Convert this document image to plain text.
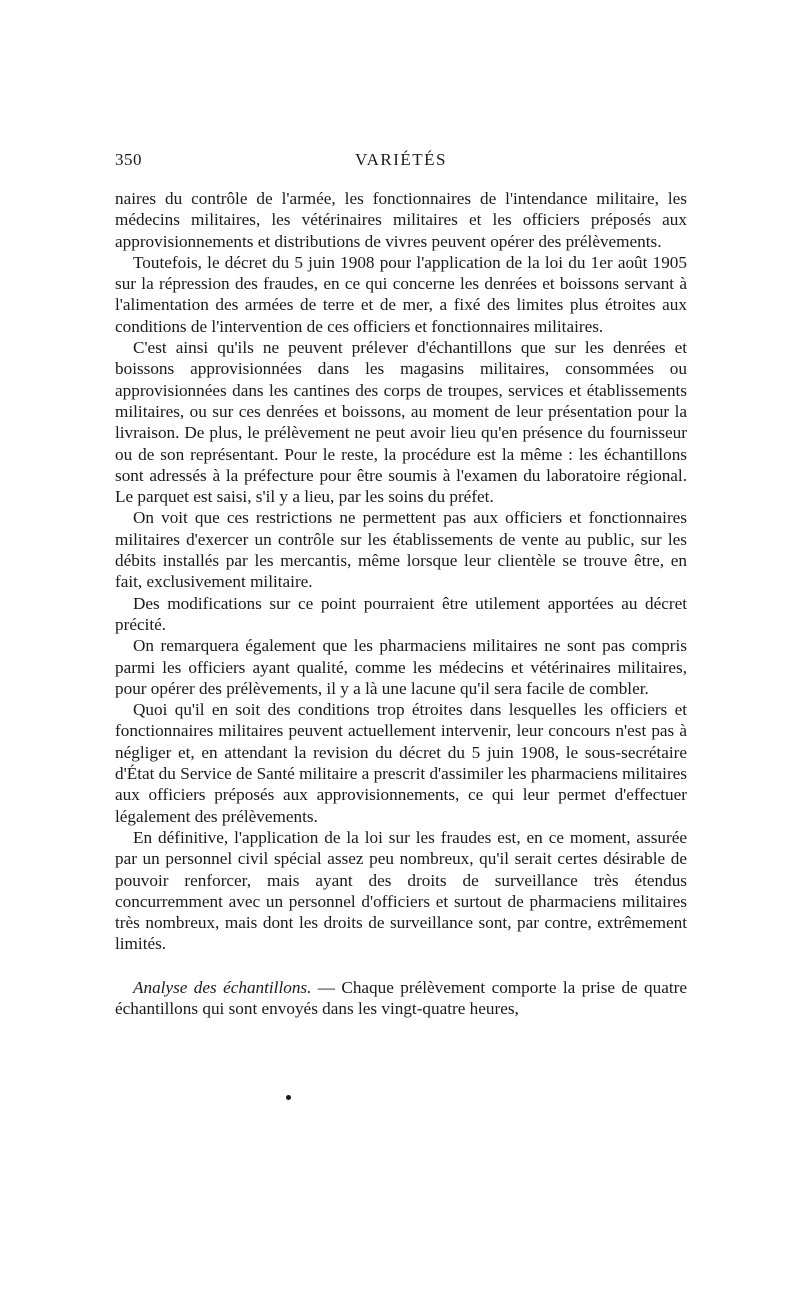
350	VARIÉTÉS

naires du contrôle de l'armée, les fonctionnaires de l'intendance militaire, les médecins militaires, les vétérinaires militaires et les officiers préposés aux approvisionnements et distributions de vivres peuvent opérer des prélèvements.

Toutefois, le décret du 5 juin 1908 pour l'application de la loi du 1er août 1905 sur la répression des fraudes, en ce qui concerne les denrées et boissons servant à l'alimentation des armées de terre et de mer, a fixé des limites plus étroites aux conditions de l'intervention de ces officiers et fonctionnaires militaires.

C'est ainsi qu'ils ne peuvent prélever d'échantillons que sur les denrées et boissons approvisionnées dans les magasins militaires, consommées ou approvisionnées dans les cantines des corps de troupes, services et établissements militaires, ou sur ces denrées et boissons, au moment de leur présentation pour la livraison. De plus, le prélèvement ne peut avoir lieu qu'en présence du fournisseur ou de son représentant. Pour le reste, la procédure est la même : les échantillons sont adressés à la préfecture pour être soumis à l'examen du laboratoire régional. Le parquet est saisi, s'il y a lieu, par les soins du préfet.

On voit que ces restrictions ne permettent pas aux officiers et fonctionnaires militaires d'exercer un contrôle sur les établissements de vente au public, sur les débits installés par les mercantis, même lorsque leur clientèle se trouve être, en fait, exclusivement militaire.

Des modifications sur ce point pourraient être utilement apportées au décret précité.

On remarquera également que les pharmaciens militaires ne sont pas compris parmi les officiers ayant qualité, comme les médecins et vétérinaires militaires, pour opérer des prélèvements, il y a là une lacune qu'il sera facile de combler.

Quoi qu'il en soit des conditions trop étroites dans lesquelles les officiers et fonctionnaires militaires peuvent actuellement intervenir, leur concours n'est pas à négliger et, en attendant la revision du décret du 5 juin 1908, le sous-secrétaire d'État du Service de Santé militaire a prescrit d'assimiler les pharmaciens militaires aux officiers préposés aux approvisionnements, ce qui leur permet d'effectuer légalement des prélèvements.

En définitive, l'application de la loi sur les fraudes est, en ce moment, assurée par un personnel civil spécial assez peu nombreux, qu'il serait certes désirable de pouvoir renforcer, mais ayant des droits de surveillance très étendus concurremment avec un personnel d'officiers et surtout de pharmaciens militaires très nombreux, mais dont les droits de surveillance sont, par contre, extrêmement limités.

Analyse des échantillons. — Chaque prélèvement comporte la prise de quatre échantillons qui sont envoyés dans les vingt-quatre heures,
